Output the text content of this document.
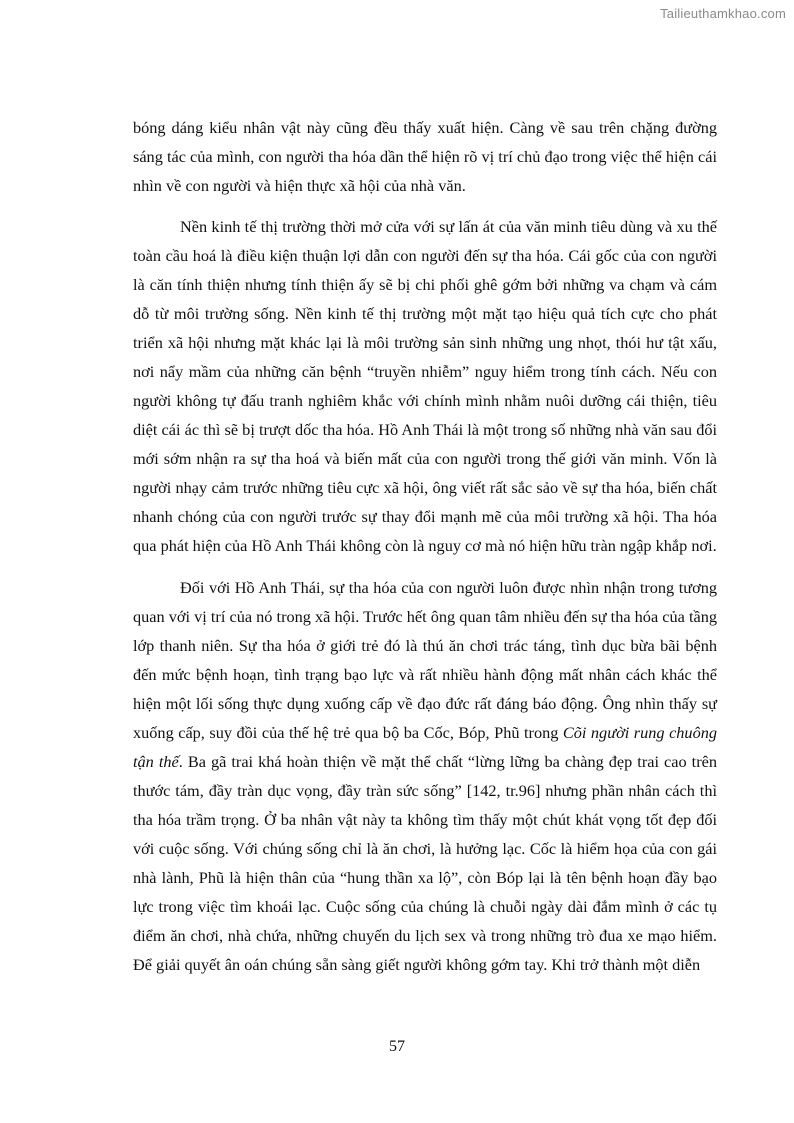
Tailieuthamkhao.com

bóng dáng kiểu nhân vật này cũng đều thấy xuất hiện. Càng về sau trên chặng đường sáng tác của mình, con người tha hóa dần thể hiện rõ vị trí chủ đạo trong việc thể hiện cái nhìn về con người và hiện thực xã hội của nhà văn.

Nền kinh tế thị trường thời mở cửa với sự lấn át của văn minh tiêu dùng và xu thế toàn cầu hoá là điều kiện thuận lợi dẫn con người đến sự tha hóa. Cái gốc của con người là căn tính thiện nhưng tính thiện ấy sẽ bị chi phối ghê gớm bởi những va chạm và cám dỗ từ môi trường sống. Nền kinh tế thị trường một mặt tạo hiệu quả tích cực cho phát triển xã hội nhưng mặt khác lại là môi trường sản sinh những ung nhọt, thói hư tật xấu, nơi nẩy mầm của những căn bệnh “truyền nhiễm” nguy hiểm trong tính cách. Nếu con người không tự đấu tranh nghiêm khắc với chính mình nhằm nuôi dưỡng cái thiện, tiêu diệt cái ác thì sẽ bị trượt dốc tha hóa. Hồ Anh Thái là một trong số những nhà văn sau đổi mới sớm nhận ra sự tha hoá và biến mất của con người trong thế giới văn minh. Vốn là người nhạy cảm trước những tiêu cực xã hội, ông viết rất sắc sảo về sự tha hóa, biến chất nhanh chóng của con người trước sự thay đổi mạnh mẽ của môi trường xã hội. Tha hóa qua phát hiện của Hồ Anh Thái không còn là nguy cơ mà nó hiện hữu tràn ngập khắp nơi.

Đối với Hồ Anh Thái, sự tha hóa của con người luôn được nhìn nhận trong tương quan với vị trí của nó trong xã hội. Trước hết ông quan tâm nhiều đến sự tha hóa của tầng lớp thanh niên. Sự tha hóa ở giới trẻ đó là thú ăn chơi trác táng, tình dục bừa bãi bệnh đến mức bệnh hoạn, tình trạng bạo lực và rất nhiều hành động mất nhân cách khác thể hiện một lối sống thực dụng xuống cấp về đạo đức rất đáng báo động. Ông nhìn thấy sự xuống cấp, suy đồi của thế hệ trẻ qua bộ ba Cốc, Bóp, Phũ trong Cõi người rung chuông tận thế. Ba gã trai khá hoàn thiện về mặt thể chất “lừng lững ba chàng đẹp trai cao trên thước tám, đầy tràn dục vọng, đầy tràn sức sống” [142, tr.96] nhưng phần nhân cách thì tha hóa trầm trọng. Ở ba nhân vật này ta không tìm thấy một chút khát vọng tốt đẹp đối với cuộc sống. Với chúng sống chỉ là ăn chơi, là hưởng lạc. Cốc là hiểm họa của con gái nhà lành, Phũ là hiện thân của “hung thần xa lộ”, còn Bóp lại là tên bệnh hoạn đầy bạo lực trong việc tìm khoái lạc. Cuộc sống của chúng là chuỗi ngày dài đắm mình ở các tụ điểm ăn chơi, nhà chứa, những chuyến du lịch sex và trong những trò đua xe mạo hiểm. Để giải quyết ân oán chúng sẵn sàng giết người không gớm tay. Khi trở thành một diễn

57
